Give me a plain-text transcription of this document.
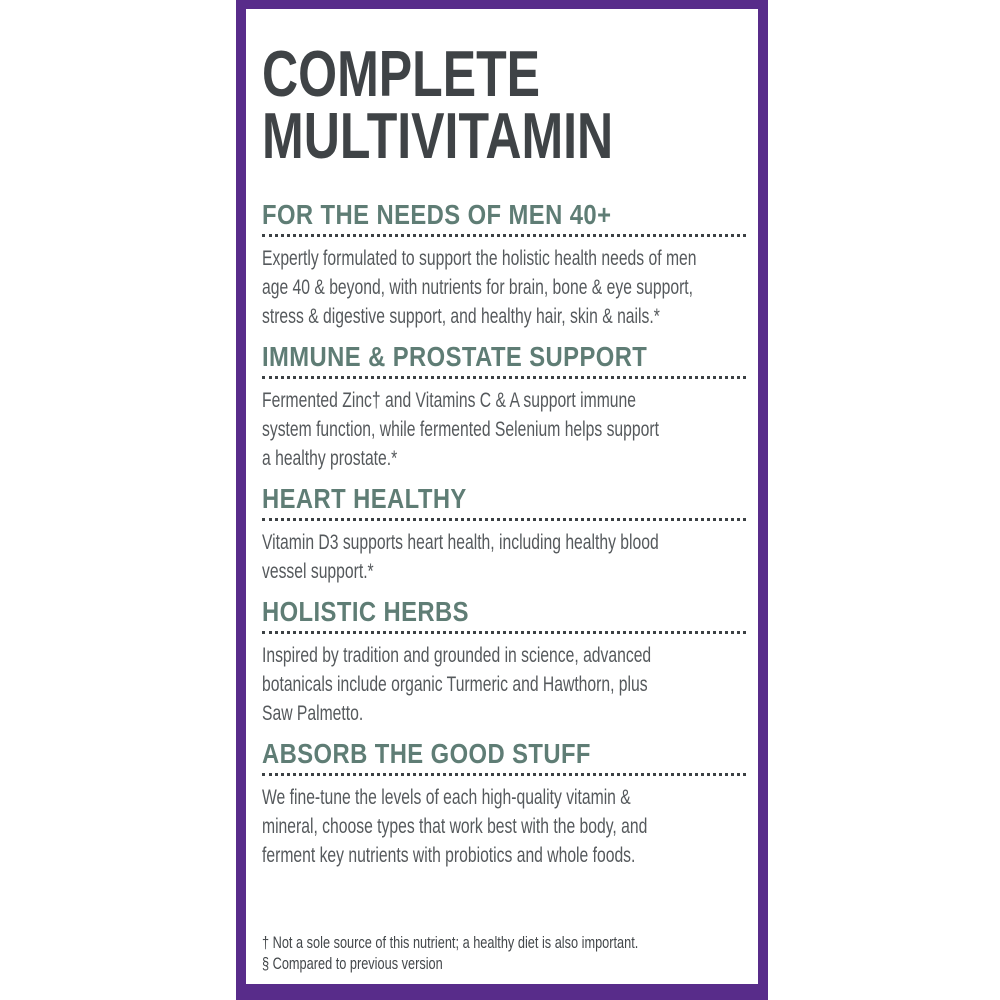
COMPLETE
MULTIVITAMIN
FOR THE NEEDS OF MEN 40+
Expertly formulated to support the holistic health needs of men
age 40 & beyond, with nutrients for brain, bone & eye support,
stress & digestive support, and healthy hair, skin & nails.*
IMMUNE & PROSTATE SUPPORT
Fermented Zinc† and Vitamins C & A support immune
system function, while fermented Selenium helps support
a healthy prostate.*
HEART HEALTHY
Vitamin D3 supports heart health, including healthy blood
vessel support.*
HOLISTIC HERBS
Inspired by tradition and grounded in science, advanced
botanicals include organic Turmeric and Hawthorn, plus
Saw Palmetto.
ABSORB THE GOOD STUFF
We fine-tune the levels of each high-quality vitamin &
mineral, choose types that work best with the body, and
ferment key nutrients with probiotics and whole foods.
† Not a sole source of this nutrient; a healthy diet is also important.
§ Compared to previous version
